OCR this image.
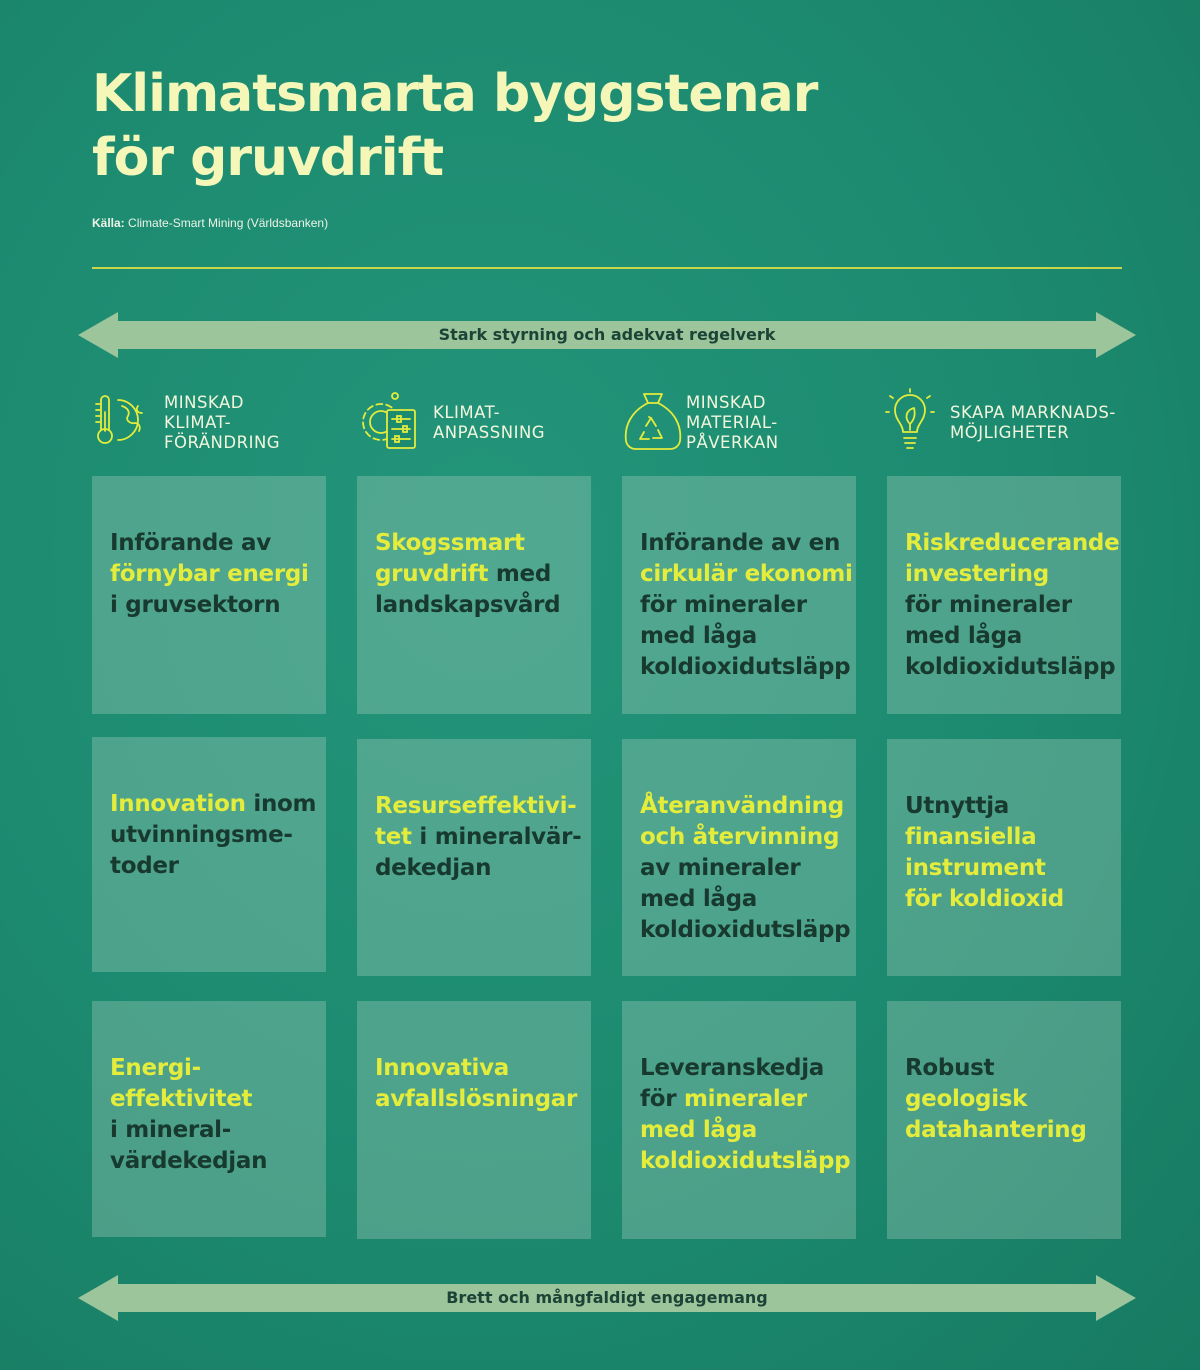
Klimatsmarta byggstenar
för gruvdrift
Källa: Climate-Smart Mining (Världsbanken)
Stark styrning och adekvat regelverk
MINSKAD
KLIMAT-
FÖRÄNDRING
KLIMAT-
ANPASSNING
MINSKAD
MATERIAL-
PÅVERKAN
SKAPA MARKNADS-
MÖJLIGHETER
Införande av
förnybar energi
i gruvsektorn
Skogssmart
gruvdrift med
landskapsvård
Införande av en
cirkulär ekonomi
för mineraler
med låga
koldioxidutsläpp
Riskreducerande
investering
för mineraler
med låga
koldioxidutsläpp
Innovation inom
utvinningsme-
toder
Resurseffektivi-
tet i mineralvär-
dekedjan
Återanvändning
och återvinning
av mineraler
med låga
koldioxidutsläpp
Utnyttja
finansiella
instrument
för koldioxid
Energi-
effektivitet
i mineral-
värdekedjan
Innovativa
avfallslösningar
Leveranskedja
för mineraler
med låga
koldioxidutsläpp
Robust
geologisk
datahantering
Brett och mångfaldigt engagemang
